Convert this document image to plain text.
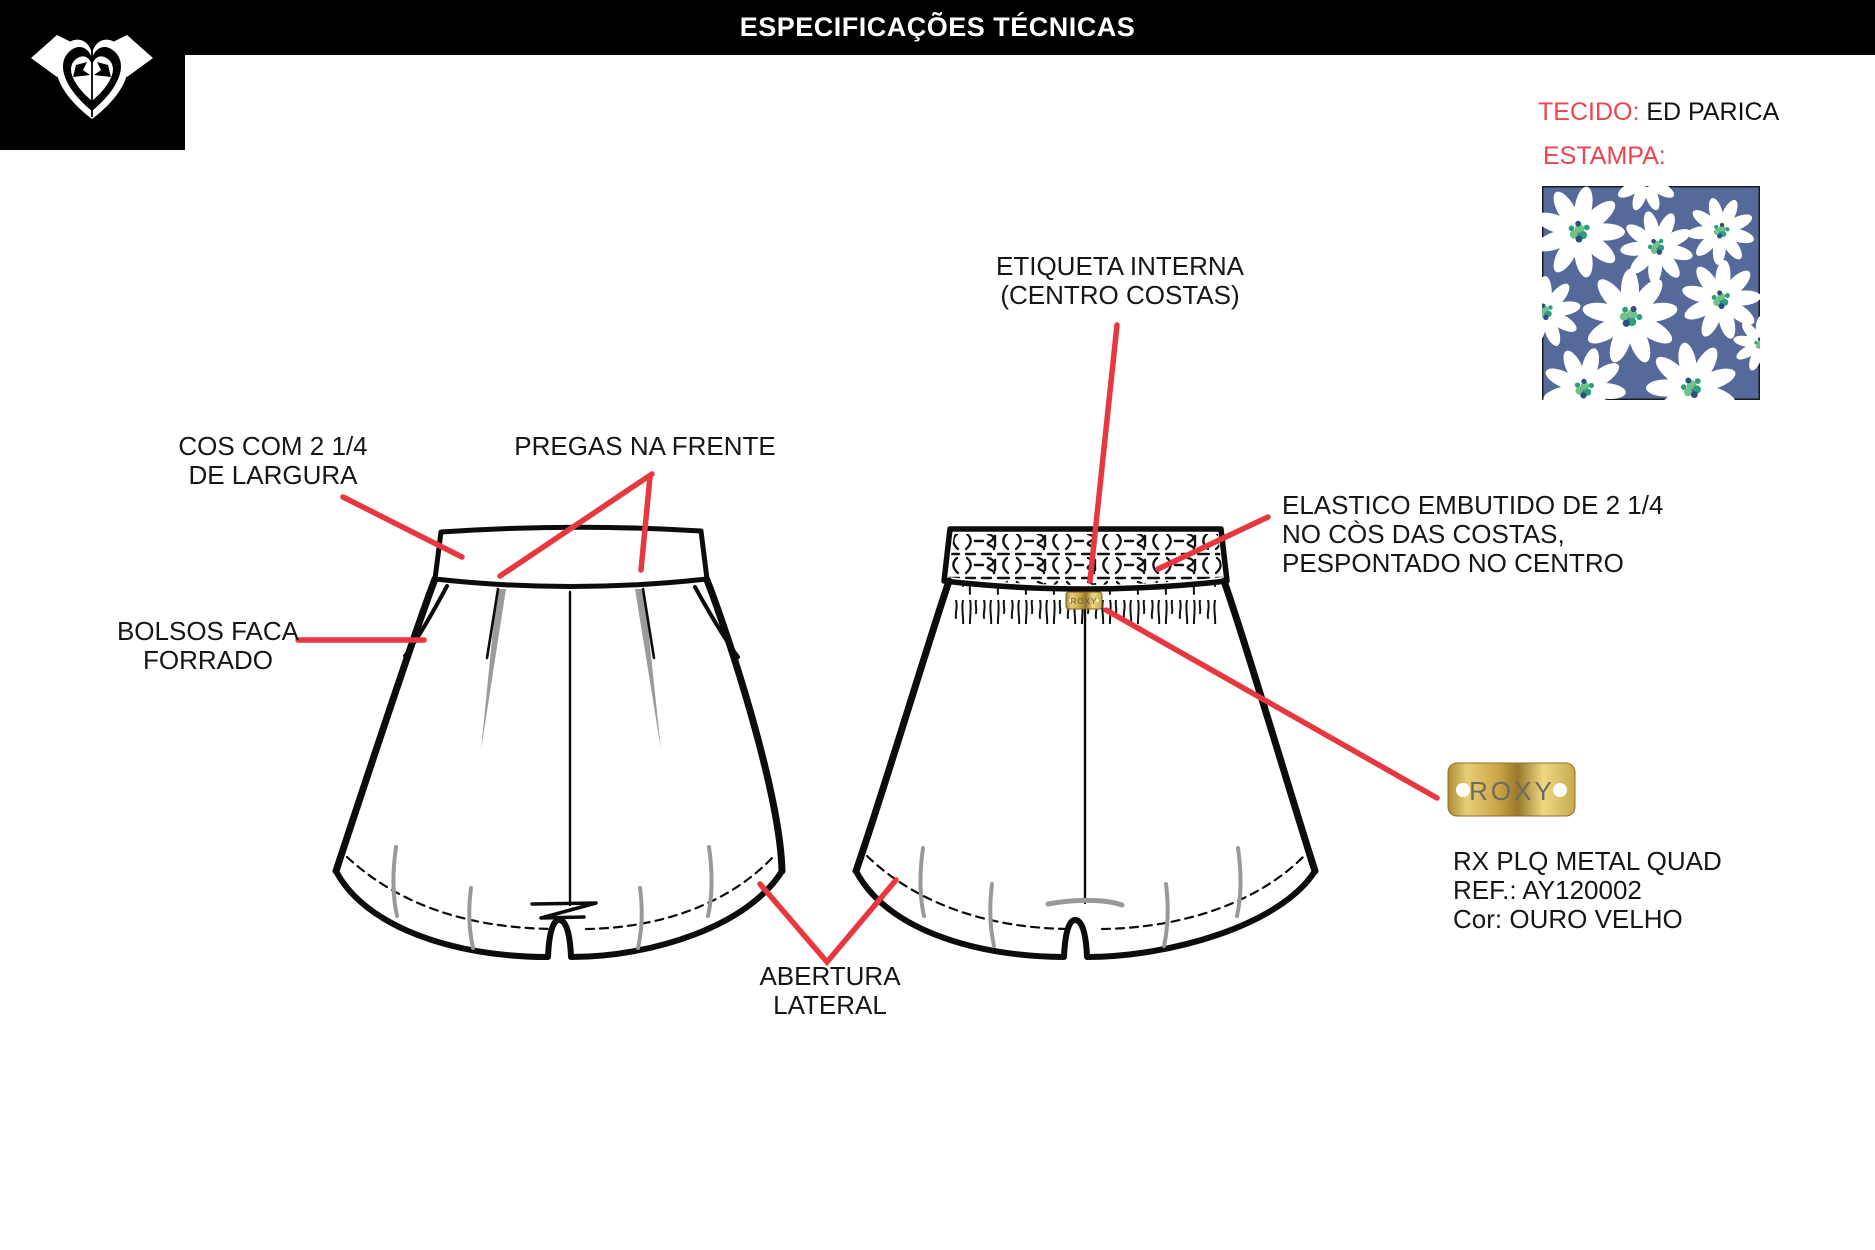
ESPECIFICAÇÕES TÉCNICAS
TECIDO: ED PARICA
ESTAMPA:
ROXY
ROXY
COS COM 2 1/4
DE LARGURA
PREGAS NA FRENTE
BOLSOS FACA
FORRADO
ETIQUETA INTERNA
(CENTRO COSTAS)
ELASTICO EMBUTIDO DE 2 1/4
NO CÒS DAS COSTAS,
PESPONTADO NO CENTRO
ABERTURA LATERAL
RX PLQ METAL QUAD
REF.: AY120002
Cor: OURO VELHO
